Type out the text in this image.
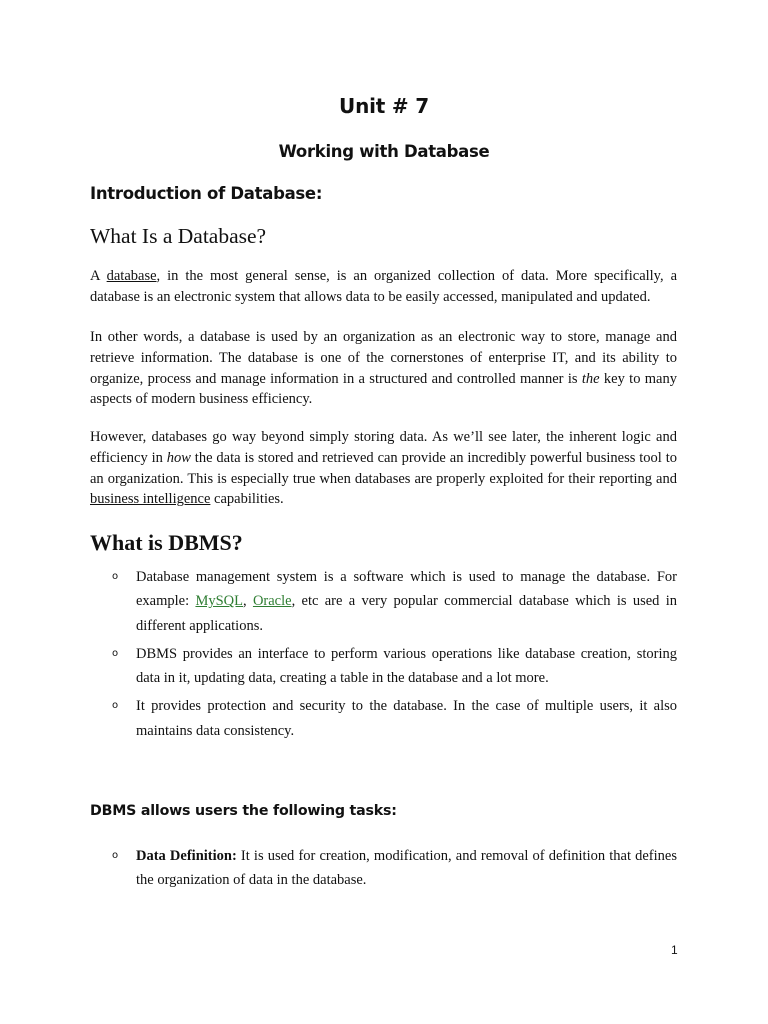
Unit # 7
Working with Database
Introduction of Database:
What Is a Database?

A database, in the most general sense, is an organized collection of data. More specifically, a database is an electronic system that allows data to be easily accessed, manipulated and updated.

In other words, a database is used by an organization as an electronic way to store, manage and retrieve information. The database is one of the cornerstones of enterprise IT, and its ability to organize, process and manage information in a structured and controlled manner is the key to many aspects of modern business efficiency.

However, databases go way beyond simply storing data. As we’ll see later, the inherent logic and efficiency in how the data is stored and retrieved can provide an incredibly powerful business tool to an organization. This is especially true when databases are properly exploited for their reporting and business intelligence capabilities.

What is DBMS?
o Database management system is a software which is used to manage the database. For example: MySQL, Oracle, etc are a very popular commercial database which is used in different applications.
o DBMS provides an interface to perform various operations like database creation, storing data in it, updating data, creating a table in the database and a lot more.
o It provides protection and security to the database. In the case of multiple users, it also maintains data consistency.
DBMS allows users the following tasks:
o Data Definition: It is used for creation, modification, and removal of definition that defines the organization of data in the database.
1
